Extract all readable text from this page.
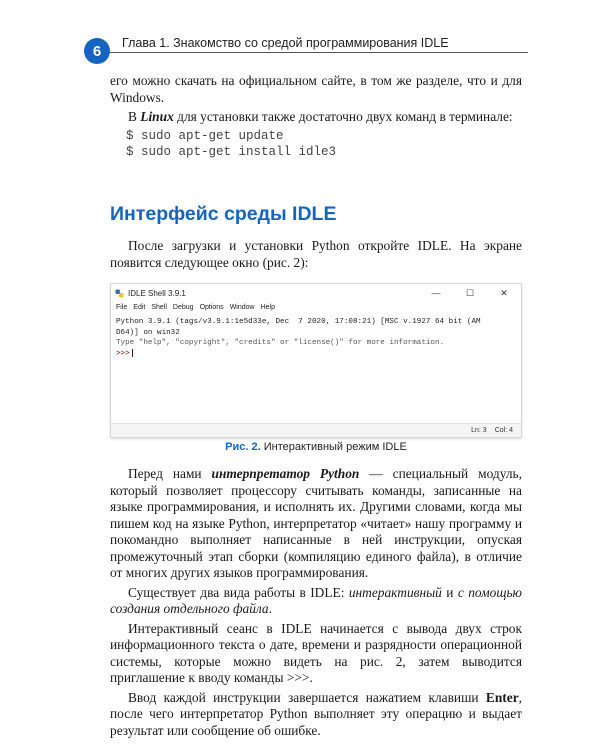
6 Глава 1. Знакомство со средой программирования IDLE

его можно скачать на официальном сайте, в том же разделе, что и для Windows.

В Linux для установки также достаточно двух команд в терминале:

$ sudo apt-get update
$ sudo apt-get install idle3
Интерфейс среды IDLE

После загрузки и установки Python откройте IDLE. На экране появится следующее окно (рис. 2):

IDLE Shell 3.9.1	—	☐	✕
File Edit Shell Debug Options Window Help
Python 3.9.1 (tags/v3.9.1:1e5d33e, Dec  7 2020, 17:08:21) [MSC v.1927 64 bit (AM
D64)] on win32
Type "help", "copyright", "credits" or "license()" for more information.
>>>
Ln: 3 Col: 4
Рис. 2. Интерактивный режим IDLE

Перед нами интерпретатор Python — специальный модуль, который позволяет процессору считывать команды, записанные на языке программирования, и исполнять их. Другими словами, когда мы пишем код на языке Python, интерпретатор «читает» нашу программу и покомандно выполняет написанные в ней инструкции, опуская промежуточный этап сборки (компиляцию единого файла), в отличие от многих других языков программирования.

Существует два вида работы в IDLE: интерактивный и с помощью создания отдельного файла.

Интерактивный сеанс в IDLE начинается с вывода двух строк информационного текста о дате, времени и разрядности операционной системы, которые можно видеть на рис. 2, затем выводится приглашение к вводу команды >>>.

Ввод каждой инструкции завершается нажатием клавиши Enter, после чего интерпретатор Python выполняет эту операцию и выдает результат или сообщение об ошибке.
